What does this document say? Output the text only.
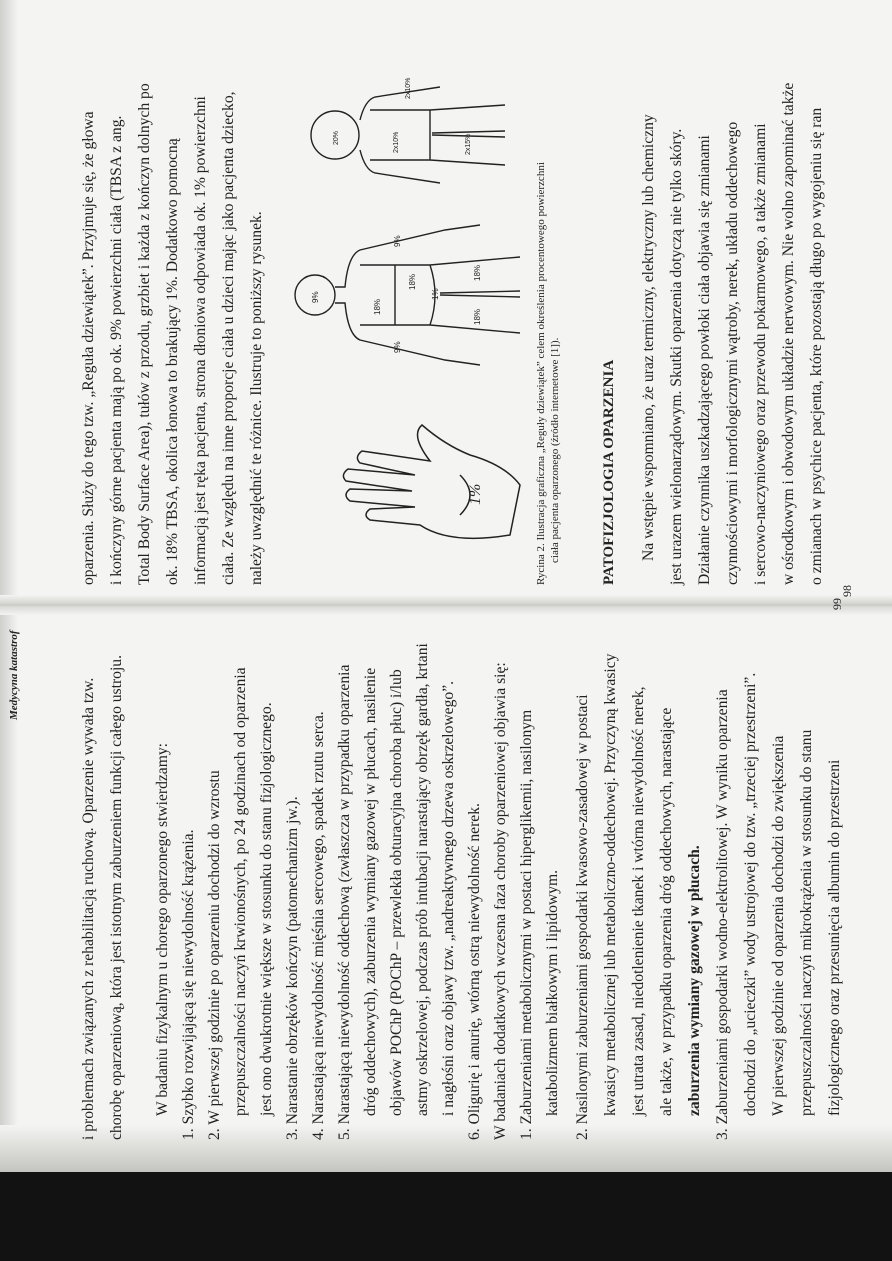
oparzenia. Służy do tego tzw. „Reguła dziewiątek”. Przyjmuje się, że głowa i kończyny górne pacjenta mają po ok. 9% powierzchni ciała (TBSA z ang. Total Body Surface Area), tułów z przodu, grzbiet i każda z kończyn dolnych po ok. 18% TBSA, okolica łonowa to brakujący 1%. Dodatkowo pomocną informacją jest ręka pacjenta, strona dłoniowa odpowiada ok. 1% powierzchni ciała. Ze względu na inne proporcje ciała u dzieci mając jako pacjenta dziecko, należy uwzględnić te różnice. Ilustruje to poniższy rysunek.	1%
9%
18%
18%
9%
9%
1%
18%
18%
20%	2x10%	2x15%
2x10%
Rycina 2. Ilustracja graficzna „Reguły dziewiątek” celem określenia procentowego powierzchni ciała pacjenta oparzonego (źródło internetowe [1]).	PATOFIZJOLOGIA OPARZENIA Na wstępie wspomniano, że uraz termiczny, elektryczny lub chemiczny jest urazem wielonarządowym. Skutki oparzenia dotyczą nie tylko skóry. Działanie czynnika uszkadzającego powłoki ciała objawia się zmianami czynnościowymi i morfologicznymi wątroby, nerek, układu oddechowego i sercowo-naczyniowego oraz przewodu pokarmowego, a także zmianami w ośrodkowym i obwodowym układzie nerwowym. Nie wolno zapominać także o zmianach w psychice pacjenta, które pozostają długo po wygojeniu się ran
98
Medycyna katastrof
i problemach związanych z rehabilitacją ruchową. Oparzenie wywała tzw. chorobę oparzeniową, która jest istotnym zaburzeniem funkcji całego ustroju. W badaniu fizykalnym u chorego oparzonego stwierdzamy: 1. Szybko rozwijającą się niewydolność krążenia. 2. W pierwszej godzinie po oparzeniu dochodzi do wzrostu przepuszczalności naczyń krwionośnych, po 24 godzinach od oparzenia jest ono dwukrotnie większe w stosunku do stanu fizjologicznego. 3. Narastanie obrzęków kończyn (patomechanizm jw.). 4. Narastającą niewydolność mięśnia sercowego, spadek rzutu serca. 5. Narastającą niewydolność oddechową (zwłaszcza w przypadku oparzenia dróg oddechowych), zaburzenia wymiany gazowej w płucach, nasilenie objawów POChP (POChP – przewlekła obturacyjna choroba płuc) i/lub astmy oskrzelowej, podczas prób intubacji narastający obrzęk gardła, krtani i nagłośni oraz objawy tzw. „nadreaktywnego drzewa oskrzelowego”. 6. Oligurię i anurię, wtórną ostrą niewydolność nerek. W badaniach dodatkowych wczesna faza choroby oparzeniowej objawia się: 1. Zaburzeniami metabolicznymi w postaci hiperglikemii, nasilonym katabolizmem białkowym i lipidowym. 2. Nasilonymi zaburzeniami gospodarki kwasowo-zasadowej w postaci kwasicy metabolicznej lub metaboliczno-oddechowej. Przyczyną kwasicy jest utrata zasad, niedotlenienie tkanek i wtórna niewydolność nerek, ale także, w przypadku oparzenia dróg oddechowych, narastające zaburzenia wymiany gazowej w płucach. 3. Zaburzeniami gospodarki wodno-elektrolitowej. W wyniku oparzenia dochodzi do „ucieczki” wody ustrojowej do tzw. „trzeciej przestrzeni”. W pierwszej godzinie od oparzenia dochodzi do zwiększenia przepuszczalności naczyń mikrokrążenia w stosunku do stanu fizjologicznego oraz przesunięcia albumin do przestrzeni
99
